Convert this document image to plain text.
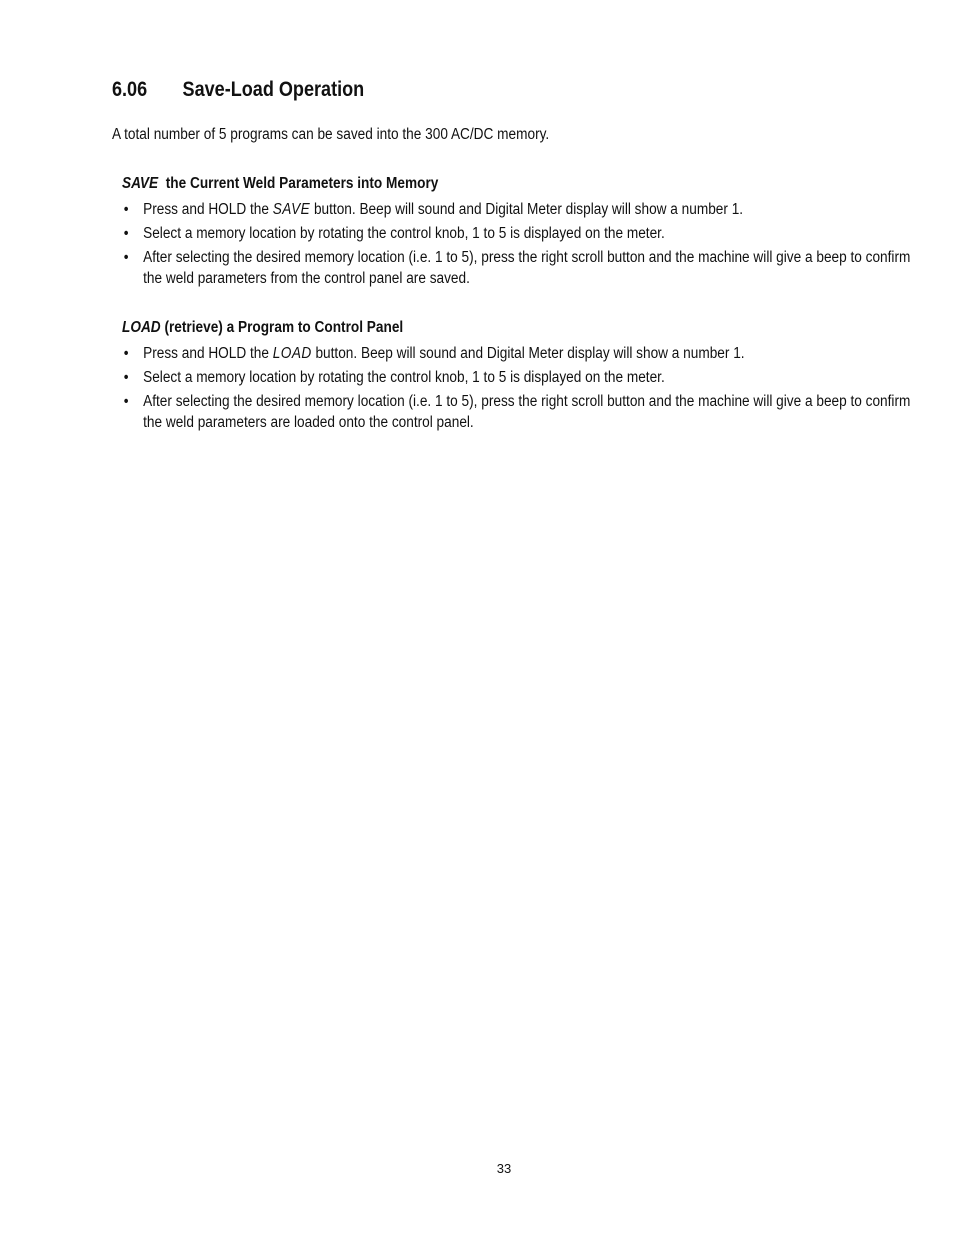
6.06	Save-Load Operation

A total number of 5 programs can be saved into the 300 AC/DC memory.

SAVE the Current Weld Parameters into Memory
• Press and HOLD the SAVE button. Beep will sound and Digital Meter display will show a number 1.
• Select a memory location by rotating the control knob, 1 to 5 is displayed on the meter.
• After selecting the desired memory location (i.e. 1 to 5), press the right scroll button and the machine will give a beep to confirm the weld parameters from the control panel are saved.
LOAD (retrieve) a Program to Control Panel
• Press and HOLD the LOAD button. Beep will sound and Digital Meter display will show a number 1.
• Select a memory location by rotating the control knob, 1 to 5 is displayed on the meter.
• After selecting the desired memory location (i.e. 1 to 5), press the right scroll button and the machine will give a beep to confirm the weld parameters are loaded onto the control panel.
33
